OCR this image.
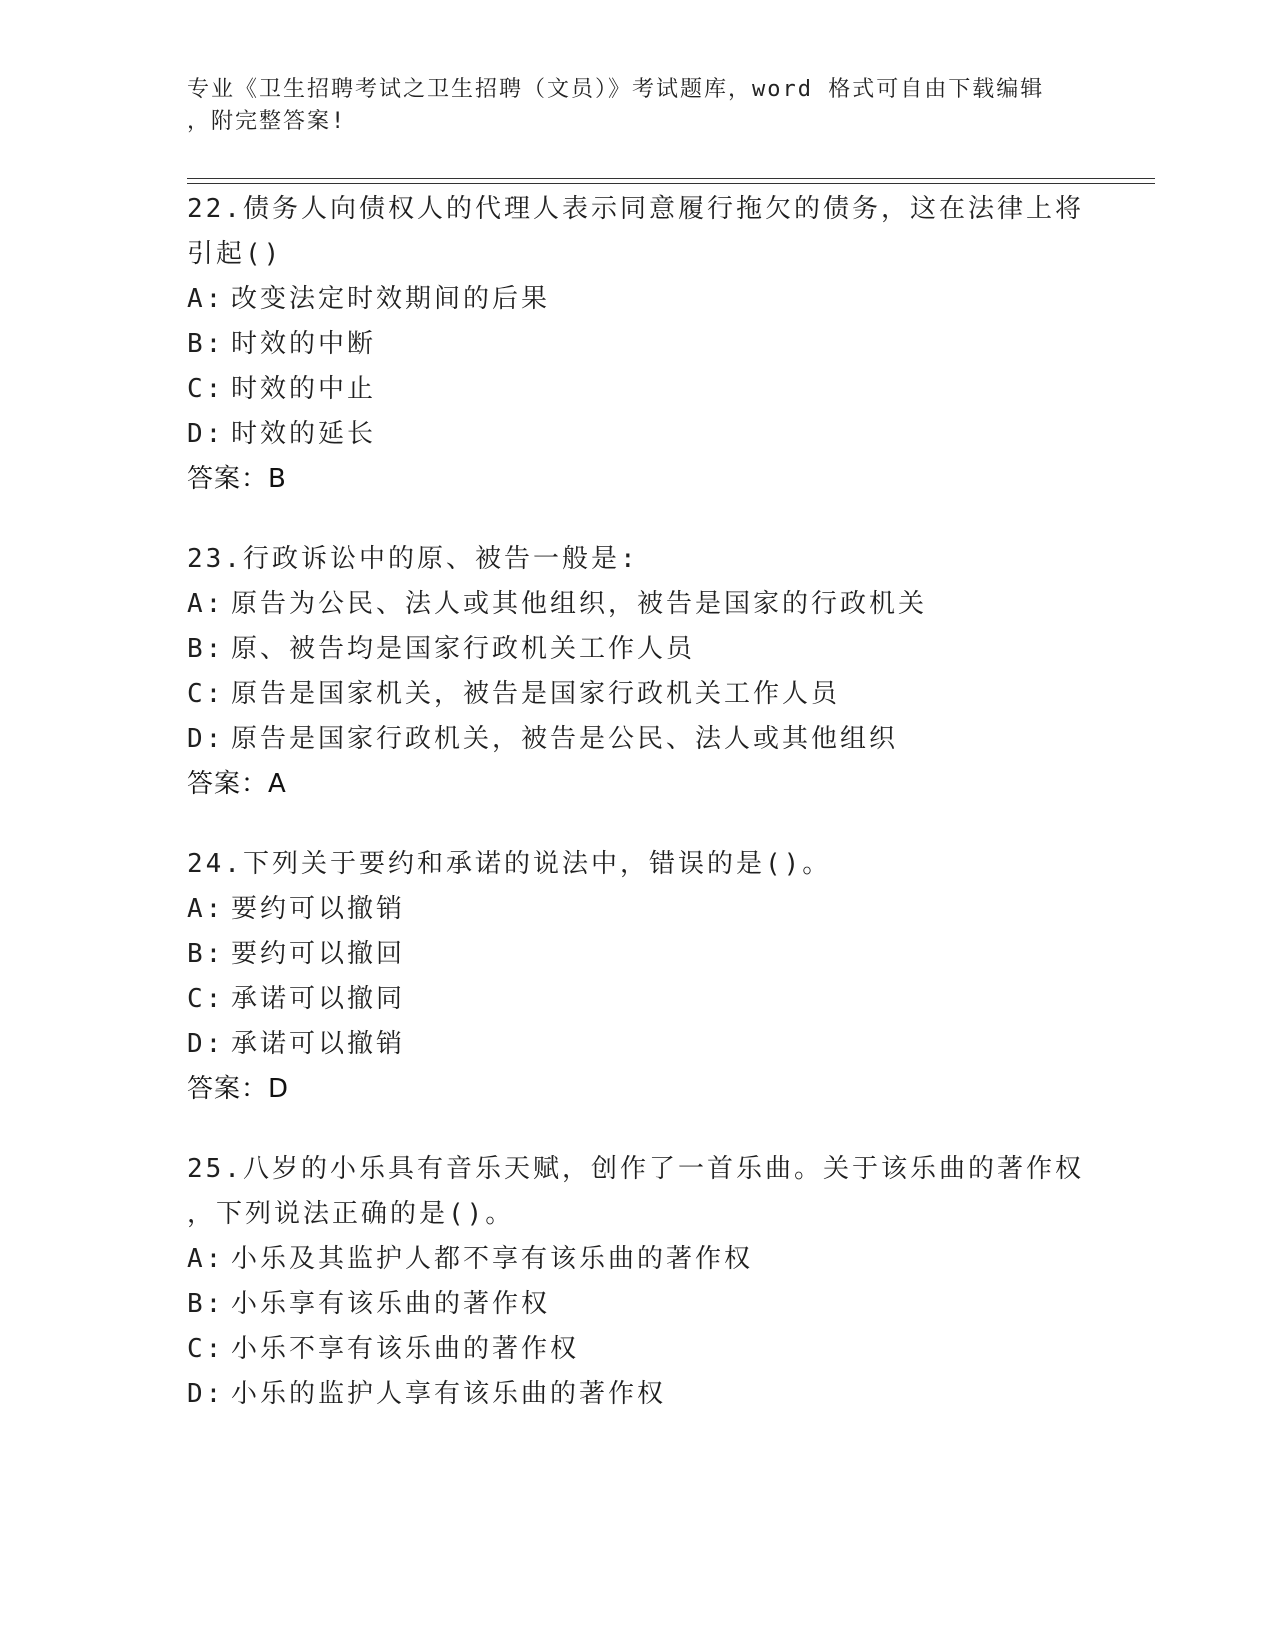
专业《卫生招聘考试之卫生招聘（文员）》考试题库，word 格式可自由下载编辑
，附完整答案!
22.债务人向债权人的代理人表示同意履行拖欠的债务，这在法律上将
引起()
A: 改变法定时效期间的后果
B: 时效的中断
C: 时效的中止
D: 时效的延长
答案：B
23.行政诉讼中的原、被告一般是:
A: 原告为公民、法人或其他组织，被告是国家的行政机关
B: 原、被告均是国家行政机关工作人员
C: 原告是国家机关，被告是国家行政机关工作人员
D: 原告是国家行政机关，被告是公民、法人或其他组织
答案：A
24.下列关于要约和承诺的说法中，错误的是()。
A: 要约可以撤销
B: 要约可以撤回
C: 承诺可以撤同
D: 承诺可以撤销
答案：D
25.八岁的小乐具有音乐天赋，创作了一首乐曲。关于该乐曲的著作权
，下列说法正确的是()。
A: 小乐及其监护人都不享有该乐曲的著作权
B: 小乐享有该乐曲的著作权
C: 小乐不享有该乐曲的著作权
D: 小乐的监护人享有该乐曲的著作权
